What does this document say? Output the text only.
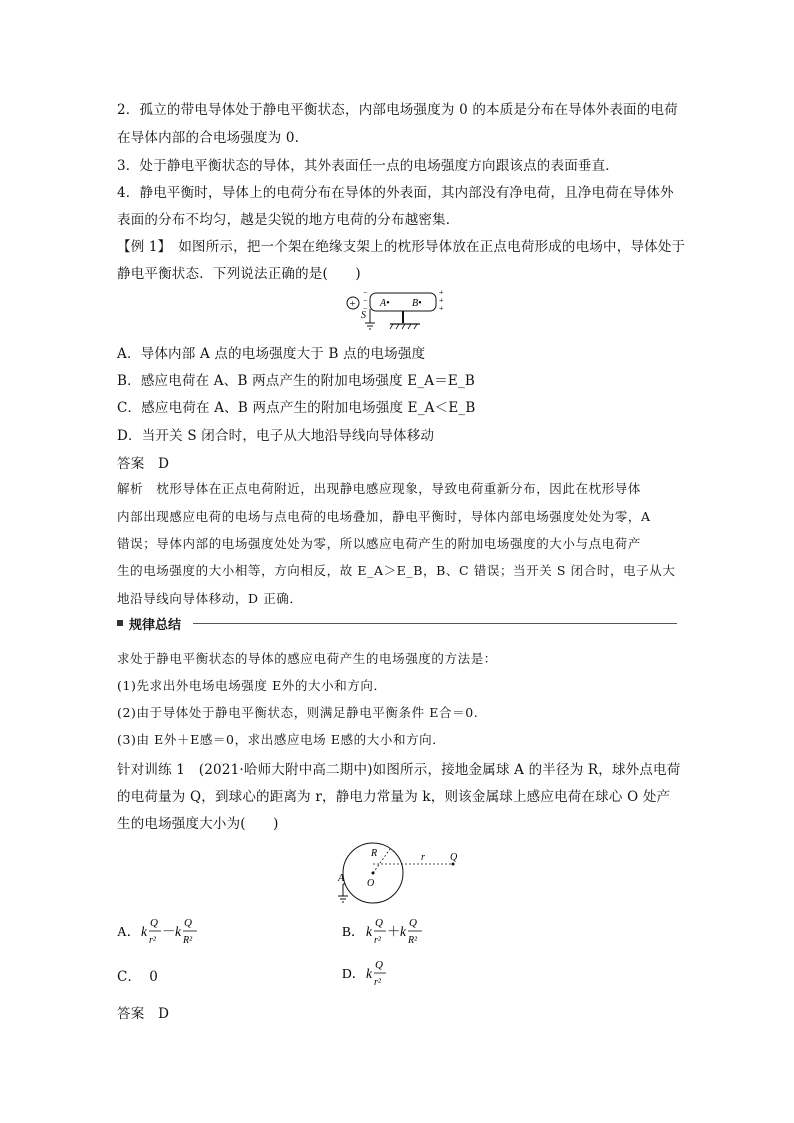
2．孤立的带电导体处于静电平衡状态，内部电场强度为 0 的本质是分布在导体外表面的电荷
在导体内部的合电场强度为 0.
3．处于静电平衡状态的导体，其外表面任一点的电场强度方向跟该点的表面垂直．
4．静电平衡时，导体上的电荷分布在导体的外表面，其内部没有净电荷，且净电荷在导体外
表面的分布不均匀，越是尖锐的地方电荷的分布越密集．
【例 1】　如图所示，把一个架在绝缘支架上的枕形导体放在正点电荷形成的电场中，导体处于
静电平衡状态．下列说法正确的是(　　)
+
−
−
− A• B•
+
+
+
S
A．导体内部 A 点的电场强度大于 B 点的电场强度
B．感应电荷在 A、B 两点产生的附加电场强度 E_A＝E_B
C．感应电荷在 A、B 两点产生的附加电场强度 E_A＜E_B
D．当开关 S 闭合时，电子从大地沿导线向导体移动
答案　D
解析　枕形导体在正点电荷附近，出现静电感应现象，导致电荷重新分布，因此在枕形导体
内部出现感应电荷的电场与点电荷的电场叠加，静电平衡时，导体内部电场强度处处为零，A
错误；导体内部的电场强度处处为零，所以感应电荷产生的附加电场强度的大小与点电荷产
生的电场强度的大小相等，方向相反，故 E_A＞E_B，B、C 错误；当开关 S 闭合时，电子从大
地沿导线向导体移动，D 正确．
规律总结
求处于静电平衡状态的导体的感应电荷产生的电场强度的方法是：
(1)先求出外电场电场强度 E外的大小和方向．
(2)由于导体处于静电平衡状态，则满足静电平衡条件 E合＝0.
(3)由 E外＋E感＝0，求出感应电场 E感的大小和方向．
针对训练 1　(2021·哈师大附中高二期中)如图所示，接地金属球 A 的半径为 R，球外点电荷
的电荷量为 Q，到球心的距离为 r，静电力常量为 k，则该金属球上感应电荷在球心 O 处产
生的电场强度大小为(　　)
R
O
r	Q
A
A． k
Q
r²
－ k
Q
R²
B． k
Q
r²
＋ k
Q
R²
C． 0	D． k
Q
r²
答案　D
